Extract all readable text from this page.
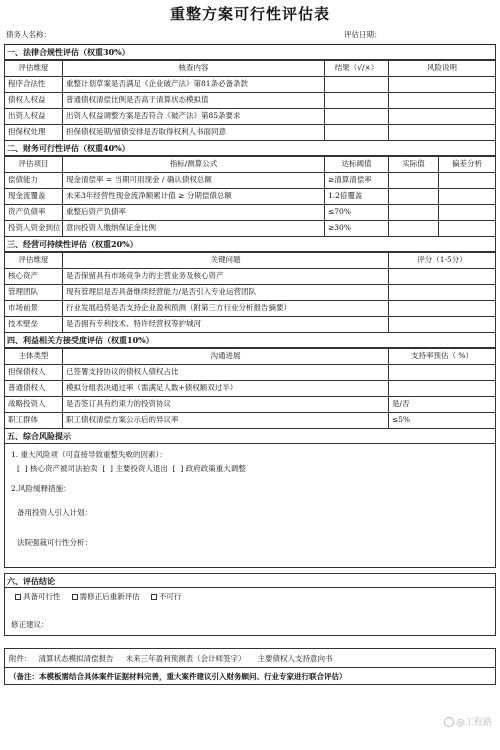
重整方案可行性评估表
债务人名称：	评估日期：
一、法律合规性评估（权重30%）
评估维度	核查内容	结果（√/×）	风险说明
程序合法性	重整计划草案是否满足《企业破产法》第81条必备条款		
债权人权益	普通债权清偿比例是否高于清算状态模拟值		
出资人权益	出资人权益调整方案是否符合《破产法》第85条要求		
担保权处理	担保债权延期/留债安排是否取得权利人书面同意		
二、财务可行性评估（权重40%）
评估项目	指标/测算公式	达标阈值	实际值	偏差分析
偿债能力	现金清偿率 = 当期可用现金 / 确认债权总额	≥清算清偿率		
现金流覆盖	未来3年经营性现金流净额累计值 ≥ 分期偿债总额	1.2倍覆盖		
资产负债率	重整后资产负债率	≤70%		
投资人资金到位	意向投资人缴纳保证金比例	≥30%		
三、经营可持续性评估（权重20%）
评估维度	关键问题	评分（1-5分）
核心资产	是否保留具有市场竞争力的主营业务及核心资产	
管理团队	现有管理层是否具备继续经营能力/是否引入专业运营团队	
市场前景	行业发展趋势是否支持企业盈利预测（附第三方行业分析报告摘要）	
技术壁垒	是否拥有专利技术、特许经营权等护城河	
四、利益相关方接受度评估（权重10%）
主体类型	沟通进展	支持率预估（ %）
担保债权人	已签署支持协议的债权人债权占比	
普通债权人	模拟分组表决通过率（需满足人数+债权额双过半）	
战略投资人	是否签订具有约束力的投资协议	是/否
职工群体	职工债权清偿方案公示后的异议率	≤5%
五、综合风险提示
1. 重大风险项（可直接导致重整失败的因素）：
[ ] 核心资产被司法拍卖 [ ] 主要投资人退出 [ ] 政府政策重大调整
2.风险缓释措施：
备用投资人引入计划：
法院强裁可行性分析：
六、评估结论
具备可行性	需修正后重新评估	不可行
修正建议：
附件： 清算状态模拟清偿报告 未来三年盈利预测表（会计师签字） 主要债权人支持意向书
（备注：本模板需结合具体案件证据材料完善，重大案件建议引入财务顾问、行业专家进行联合评估）
@工程路
